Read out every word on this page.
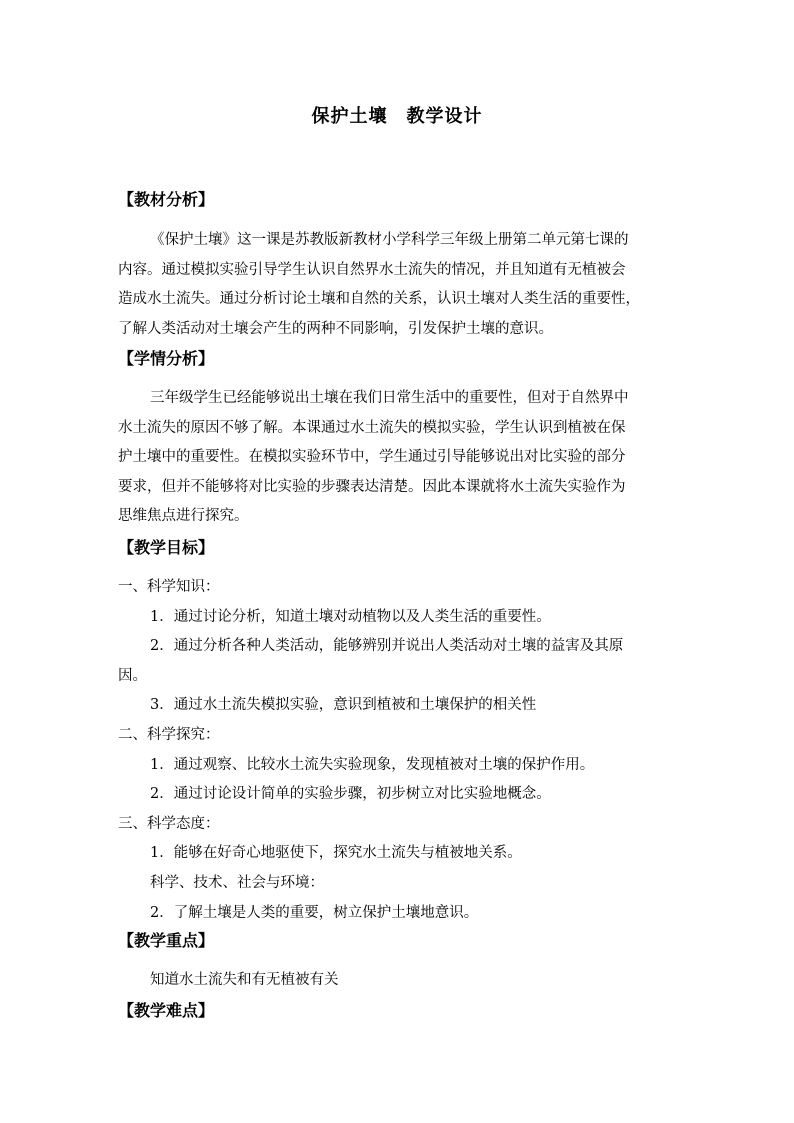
保护土壤　教学设计
【教材分析】
《保护土壤》这一课是苏教版新教材小学科学三年级上册第二单元第七课的
内容。通过模拟实验引导学生认识自然界水土流失的情况，并且知道有无植被会
造成水土流失。通过分析讨论土壤和自然的关系，认识土壤对人类生活的重要性，
了解人类活动对土壤会产生的两种不同影响，引发保护土壤的意识。
【学情分析】
三年级学生已经能够说出土壤在我们日常生活中的重要性，但对于自然界中
水土流失的原因不够了解。本课通过水土流失的模拟实验，学生认识到植被在保
护土壤中的重要性。在模拟实验环节中，学生通过引导能够说出对比实验的部分
要求，但并不能够将对比实验的步骤表达清楚。因此本课就将水土流失实验作为
思维焦点进行探究。
【教学目标】
一、科学知识：
1．通过讨论分析，知道土壤对动植物以及人类生活的重要性。
2．通过分析各种人类活动，能够辨别并说出人类活动对土壤的益害及其原
因。
3．通过水土流失模拟实验，意识到植被和土壤保护的相关性
二、科学探究：
1．通过观察、比较水土流失实验现象，发现植被对土壤的保护作用。
2．通过讨论设计简单的实验步骤，初步树立对比实验地概念。
三、科学态度：
1．能够在好奇心地驱使下，探究水土流失与植被地关系。
科学、技术、社会与环境：
2．了解土壤是人类的重要，树立保护土壤地意识。
【教学重点】
知道水土流失和有无植被有关
【教学难点】
